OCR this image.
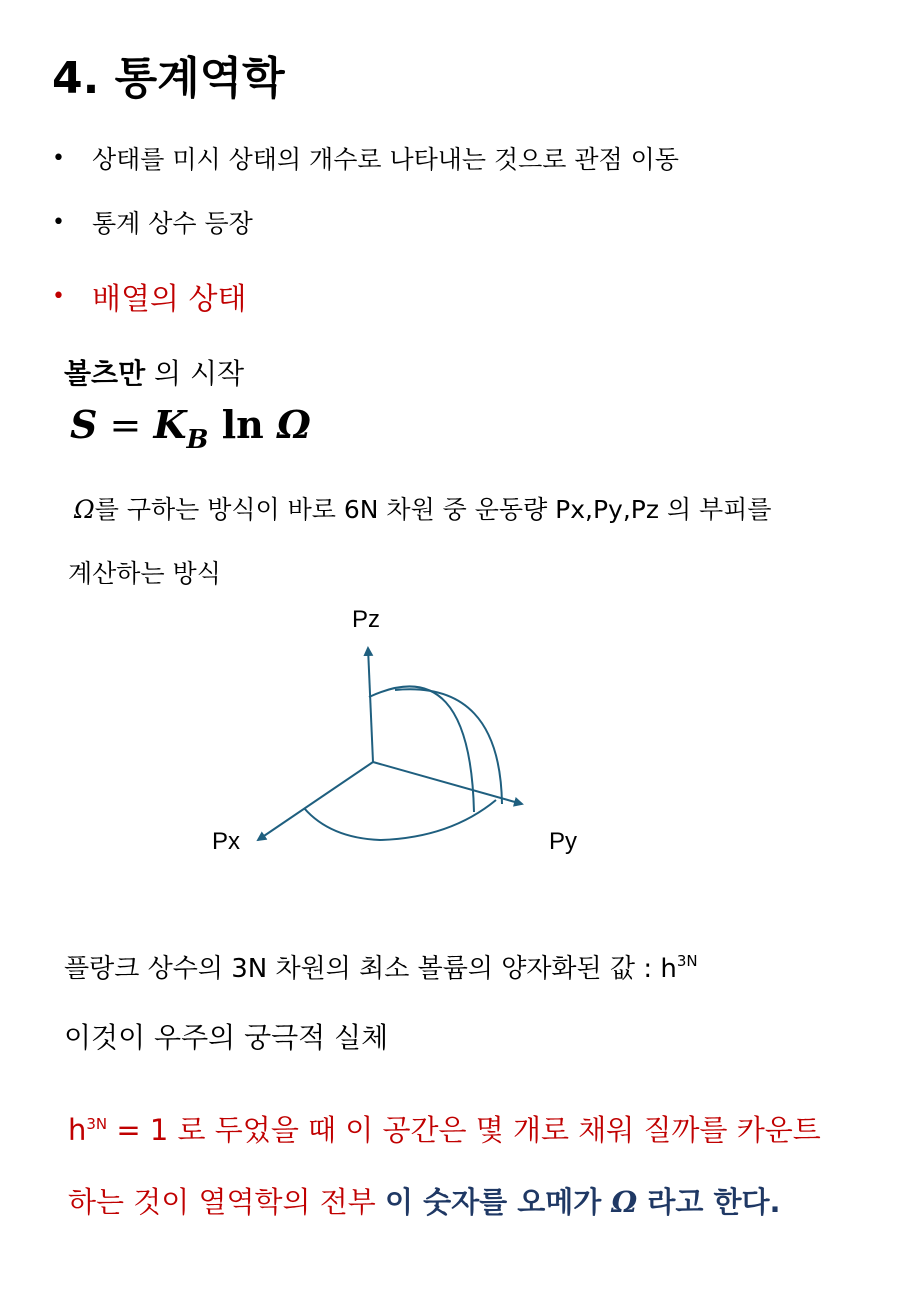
4. 통계역학
•	상태를 미시 상태의 개수로 나타내는 것으로 관점 이동
•	통계 상수 등장
• 배열의 상태
볼츠만 의 시작
$S = K_B$ ln Ω
Ω를 구하는 방식이 바로 6N 차원 중 운동량 Px,Py,Pz 의 부피를
계산하는 방식
Pz
Px	Py
플랑크 상수의 3N 차원의 최소 볼륨의 양자화된 값 : $h^{3N}$
이것이 우주의 궁극적 실체
$h^{3N} = 1$ 로 두었을 때 이 공간은 몇 개로 채워 질까를 카운트
하는 것이 열역학의 전부 이 숫자를 오메가 Ω 라고 한다.
